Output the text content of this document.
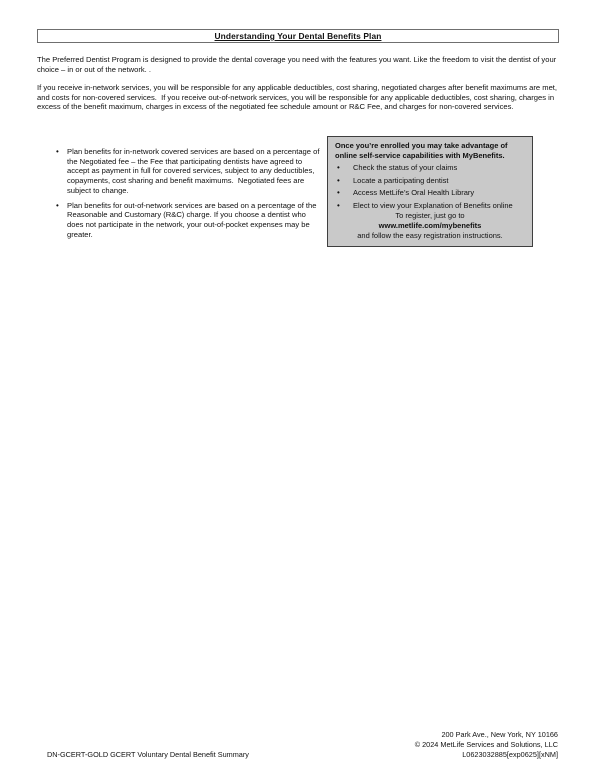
Understanding Your Dental Benefits Plan

The Preferred Dentist Program is designed to provide the dental coverage you need with the features you want. Like the freedom to visit the dentist of your choice – in or out of the network. .

If you receive in-network services, you will be responsible for any applicable deductibles, cost sharing, negotiated charges after benefit maximums are met, and costs for non-covered services.  If you receive out-of-network services, you will be responsible for any applicable deductibles, cost sharing, charges in excess of the benefit maximum, charges in excess of the negotiated fee schedule amount or R&C Fee, and charges for non-covered services.

•	Plan benefits for in-network covered services are based on a percentage of the Negotiated fee – the Fee that participating dentists have agreed to accept as payment in full for covered services, subject to any deductibles, copayments, cost sharing and benefit maximums.  Negotiated fees are subject to change.
•	Plan benefits for out-of-network services are based on a percentage of the Reasonable and Customary (R&C) charge. If you choose a dentist who does not participate in the network, your out-of-pocket expenses may be greater.
Once you’re enrolled you may take advantage of online self-service capabilities with MyBenefits.
•	Check the status of your claims
•	Locate a participating dentist
•	Access MetLife’s Oral Health Library
•	Elect to view your Explanation of Benefits online
To register, just go to
www.metlife.com/mybenefits
and follow the easy registration instructions.
200 Park Ave., New York, NY 10166
© 2024 MetLife Services and Solutions, LLC
L0623032885[exp0625][xNM]
DN-GCERT-GOLD GCERT Voluntary Dental Benefit Summary
